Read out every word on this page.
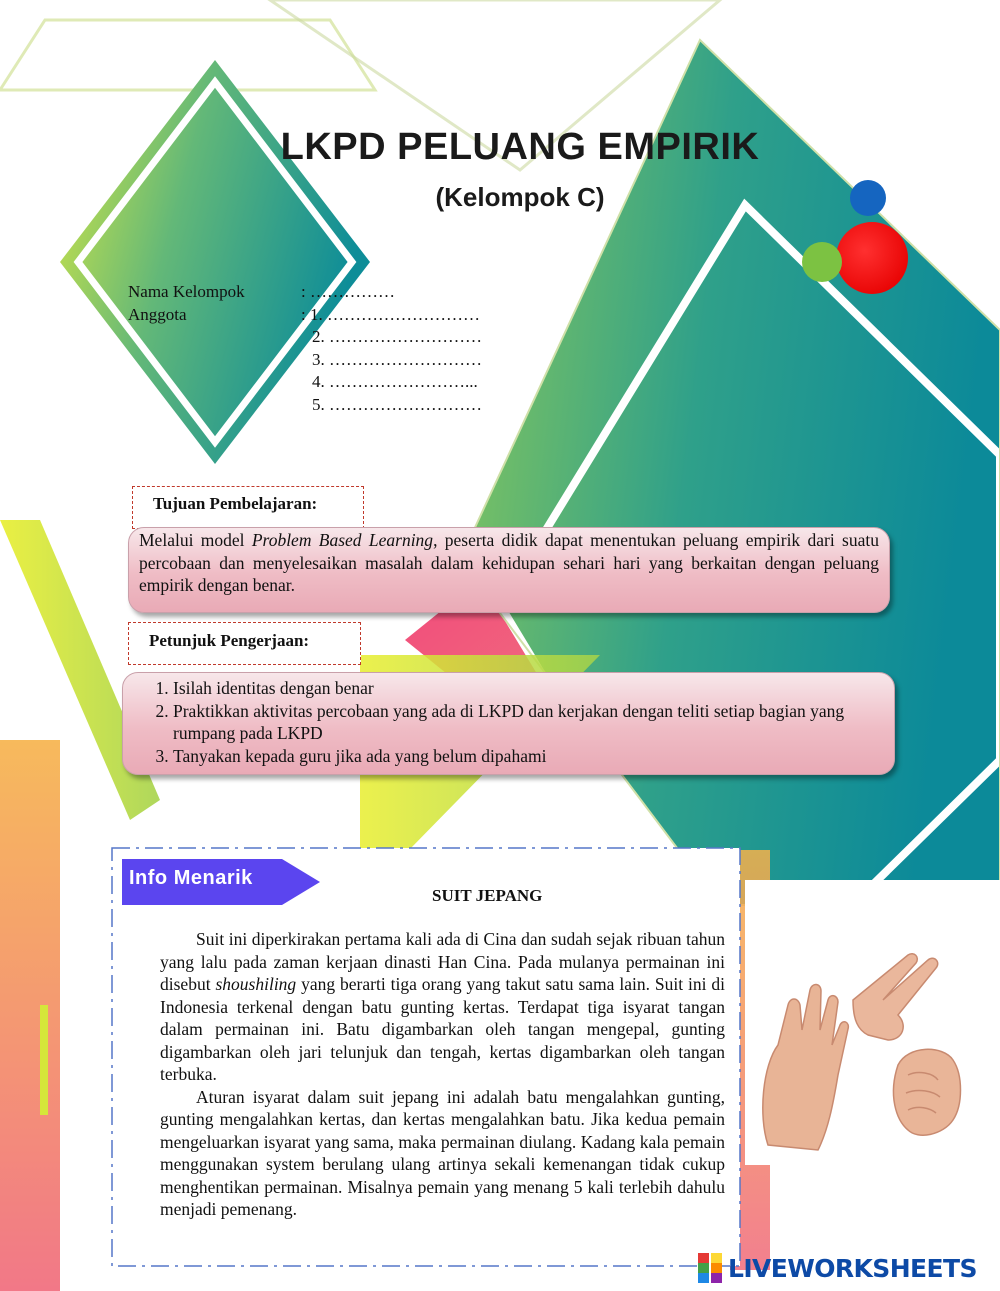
LKPD PELUANG EMPIRIK
(Kelompok C)
Nama Kelompok	: ……………
Anggota	: 1. ………………………
2. ………………………
3. ………………………
4. ……………………...
5. ………………………
Tujuan Pembelajaran:
Melalui model Problem Based Learning, peserta didik dapat menentukan peluang empirik dari suatu percobaan dan menyelesaikan masalah dalam kehidupan sehari hari yang berkaitan dengan peluang empirik dengan benar.
Petunjuk Pengerjaan:
1. Isilah identitas dengan benar
2. Praktikkan aktivitas percobaan yang ada di LKPD dan kerjakan dengan teliti setiap bagian yang rumpang pada LKPD
3. Tanyakan kepada guru jika ada yang belum dipahami
Info Menarik
SUIT JEPANG

Suit ini diperkirakan pertama kali ada di Cina dan sudah sejak ribuan tahun yang lalu pada zaman kerjaan dinasti Han Cina. Pada mulanya permainan ini disebut shoushiling yang berarti tiga orang yang takut satu sama lain. Suit ini di Indonesia terkenal dengan batu gunting kertas. Terdapat tiga isyarat tangan dalam permainan ini. Batu digambarkan oleh tangan mengepal, gunting digambarkan oleh jari telunjuk dan tengah, kertas digambarkan oleh tangan terbuka.

Aturan isyarat dalam suit jepang ini adalah batu mengalahkan gunting, gunting mengalahkan kertas, dan kertas mengalahkan batu. Jika kedua pemain mengeluarkan isyarat yang sama, maka permainan diulang. Kadang kala pemain menggunakan system berulang ulang artinya sekali kemenangan tidak cukup menghentikan permainan. Misalnya pemain yang menang 5 kali terlebih dahulu menjadi pemenang.

LIVEWORKSHEETS
